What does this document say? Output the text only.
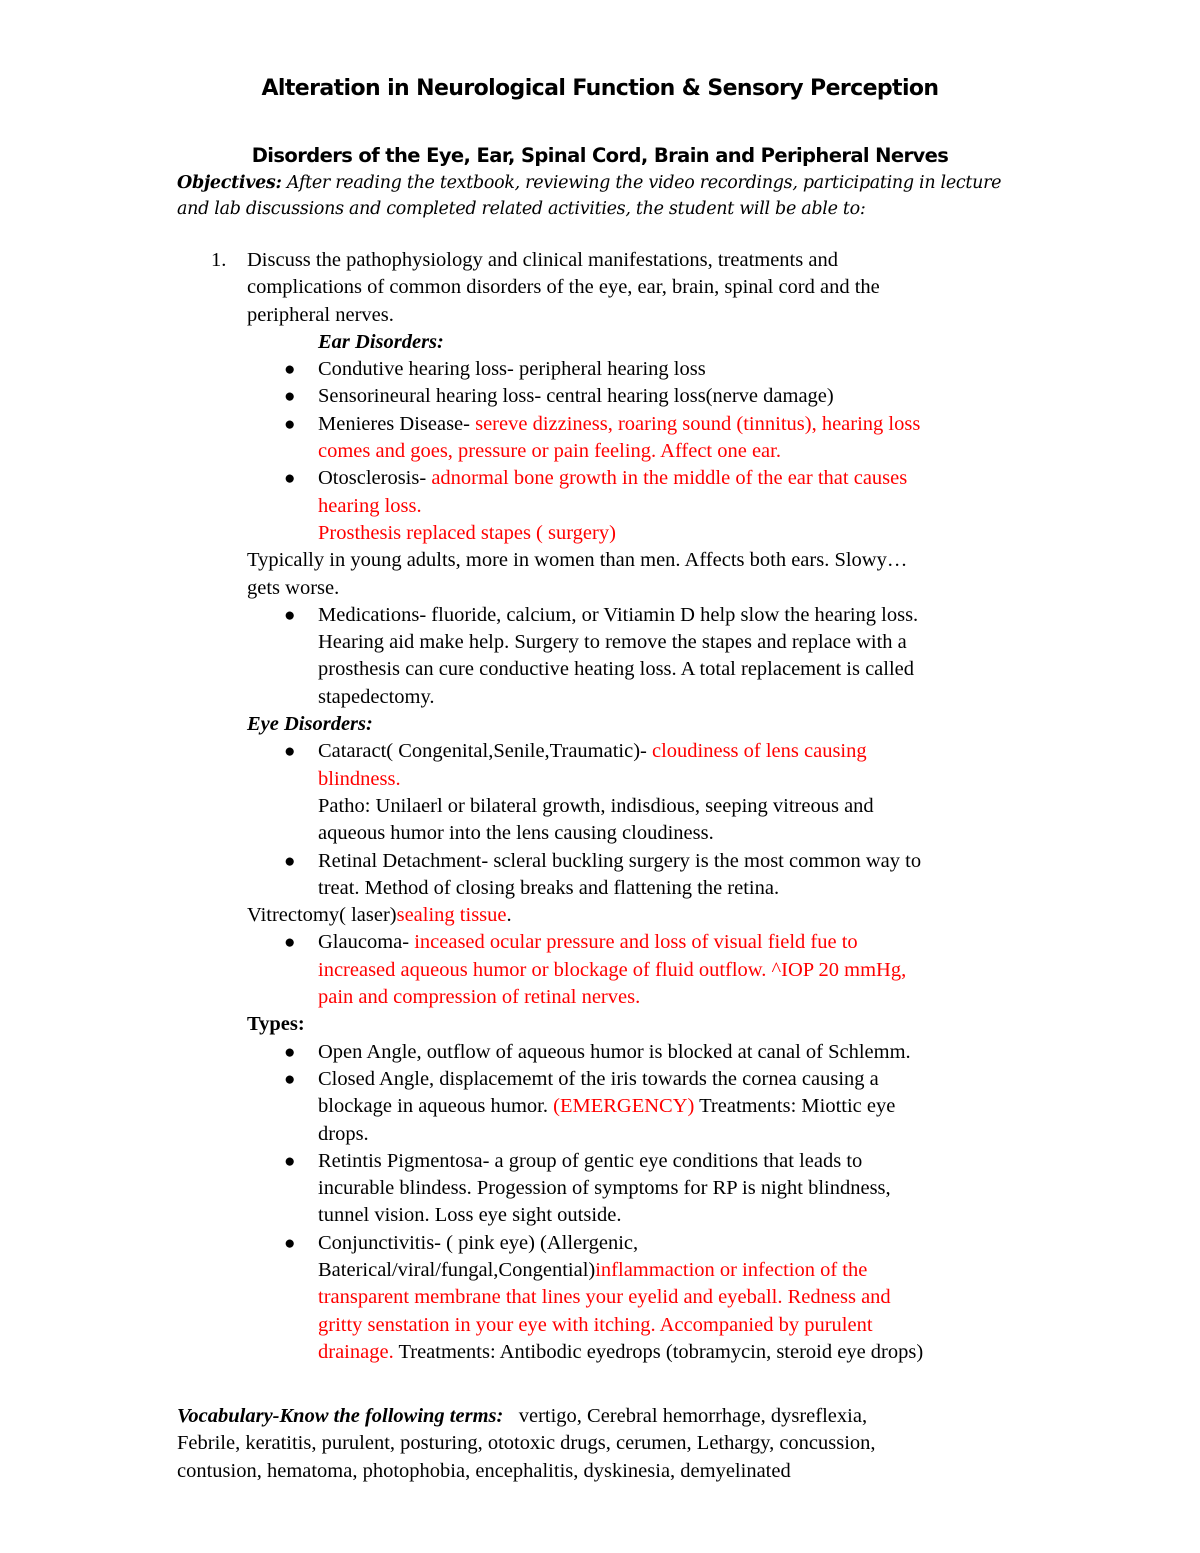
Alteration in Neurological Function & Sensory Perception
Disorders of the Eye, Ear, Spinal Cord, Brain and Peripheral Nerves
Objectives: After reading the textbook, reviewing the video recordings, participating in lecture
and lab discussions and completed related activities, the student will be able to:
1. Discuss the pathophysiology and clinical manifestations, treatments and
complications of common disorders of the eye, ear, brain, spinal cord and the
peripheral nerves.
Ear Disorders:
● Condutive hearing loss- peripheral hearing loss
● Sensorineural hearing loss- central hearing loss(nerve damage)
● Menieres Disease- sereve dizziness, roaring sound (tinnitus), hearing loss
comes and goes, pressure or pain feeling. Affect one ear.
● Otosclerosis- adnormal bone growth in the middle of the ear that causes
hearing loss.
Prosthesis replaced stapes ( surgery)
Typically in young adults, more in women than men. Affects both ears. Slowy…
gets worse.
● Medications- fluoride, calcium, or Vitiamin D help slow the hearing loss.
Hearing aid make help. Surgery to remove the stapes and replace with a
prosthesis can cure conductive heating loss. A total replacement is called
stapedectomy.
Eye Disorders:
● Cataract( Congenital,Senile,Traumatic)- cloudiness of lens causing
blindness.
Patho: Unilaerl or bilateral growth, indisdious, seeping vitreous and
aqueous humor into the lens causing cloudiness.
● Retinal Detachment- scleral buckling surgery is the most common way to
treat. Method of closing breaks and flattening the retina.
Vitrectomy( laser)sealing tissue.
● Glaucoma- inceased ocular pressure and loss of visual field fue to
increased aqueous humor or blockage of fluid outflow. ^IOP 20 mmHg,
pain and compression of retinal nerves.
Types:
● Open Angle, outflow of aqueous humor is blocked at canal of Schlemm.
● Closed Angle, displacememt of the iris towards the cornea causing a
blockage in aqueous humor. (EMERGENCY) Treatments: Miottic eye
drops.
● Retintis Pigmentosa- a group of gentic eye conditions that leads to
incurable blindess. Progession of symptoms for RP is night blindness,
tunnel vision. Loss eye sight outside.
● Conjunctivitis- ( pink eye) (Allergenic,
Baterical/viral/fungal,Congential)inflammaction or infection of the
transparent membrane that lines your eyelid and eyeball. Redness and
gritty senstation in your eye with itching. Accompanied by purulent
drainage. Treatments: Antibodic eyedrops (tobramycin, steroid eye drops)
Vocabulary-Know the following terms:   vertigo, Cerebral hemorrhage, dysreflexia,
Febrile, keratitis, purulent, posturing, ototoxic drugs, cerumen, Lethargy, concussion,
contusion, hematoma, photophobia, encephalitis, dyskinesia, demyelinated
